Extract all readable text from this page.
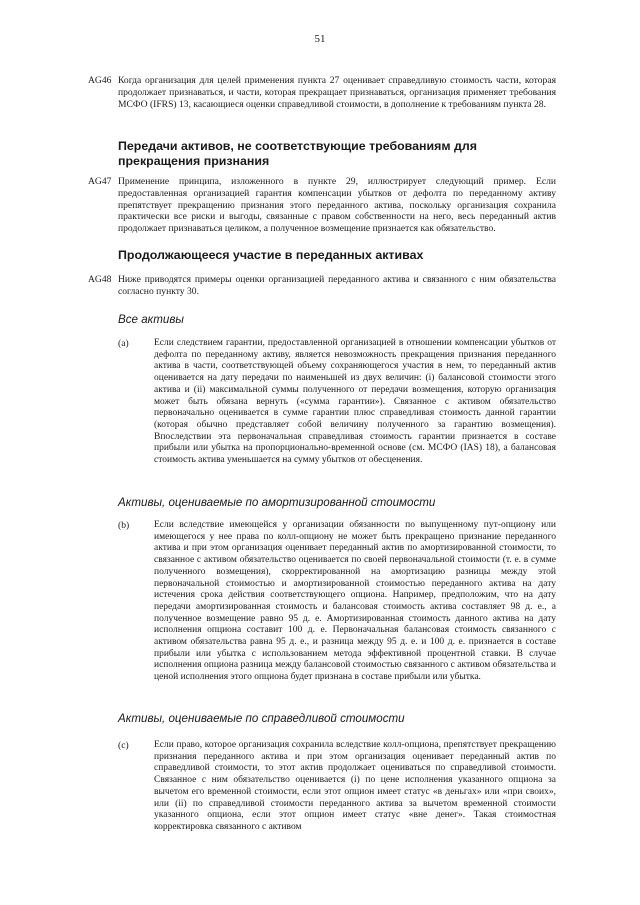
51
AG46 Когда организация для целей применения пункта 27 оценивает справедливую стоимость части, которая продолжает признаваться, и части, которая прекращает признаваться, организация применяет требования МСФО (IFRS) 13, касающиеся оценки справедливой стоимости, в дополнение к требованиям пункта 28.
Передачи активов, не соответствующие требованиям для прекращения признания
AG47 Применение принципа, изложенного в пункте 29, иллюстрирует следующий пример. Если предоставленная организацией гарантия компенсации убытков от дефолта по переданному активу препятствует прекращению признания этого переданного актива, поскольку организация сохранила практически все риски и выгоды, связанные с правом собственности на него, весь переданный актив продолжает признаваться целиком, а полученное возмещение признается как обязательство.
Продолжающееся участие в переданных активах
AG48 Ниже приводятся примеры оценки организацией переданного актива и связанного с ним обязательства согласно пункту 30.
Все активы
(a)	Если следствием гарантии, предоставленной организацией в отношении компенсации убытков от дефолта по переданному активу, является невозможность прекращения признания переданного актива в части, соответствующей объему сохраняющегося участия в нем, то переданный актив оценивается на дату передачи по наименьшей из двух величин: (i) балансовой стоимости этого актива и (ii) максимальной суммы полученного от передачи возмещения, которую организация может быть обязана вернуть («сумма гарантии»). Связанное с активом обязательство первоначально оценивается в сумме гарантии плюс справедливая стоимость данной гарантии (которая обычно представляет собой величину полученного за гарантию возмещения). Впоследствии эта первоначальная справедливая стоимость гарантии признается в составе прибыли или убытка на пропорционально-временной основе (см. МСФО (IAS) 18), а балансовая стоимость актива уменьшается на сумму убытков от обесценения.
Активы, оцениваемые по амортизированной стоимости
(b)	Если вследствие имеющейся у организации обязанности по выпущенному пут-опциону или имеющегося у нее права по колл-опциону не может быть прекращено признание переданного актива и при этом организация оценивает переданный актив по амортизированной стоимости, то связанное с активом обязательство оценивается по своей первоначальной стоимости (т. е. в сумме полученного возмещения), скорректированной на амортизацию разницы между этой первоначальной стоимостью и амортизированной стоимостью переданного актива на дату истечения срока действия соответствующего опциона. Например, предположим, что на дату передачи амортизированная стоимость и балансовая стоимость актива составляет 98 д. е., а полученное возмещение равно 95 д. е. Амортизированная стоимость данного актива на дату исполнения опциона составит 100 д. е. Первоначальная балансовая стоимость связанного с активом обязательства равна 95 д. е., и разница между 95 д. е. и 100 д. е. признается в составе прибыли или убытка с использованием метода эффективной процентной ставки. В случае исполнения опциона разница между балансовой стоимостью связанного с активом обязательства и ценой исполнения этого опциона будет признана в составе прибыли или убытка.
Активы, оцениваемые по справедливой стоимости
(c)	Если право, которое организация сохранила вследствие колл-опциона, препятствует прекращению признания переданного актива и при этом организация оценивает переданный актив по справедливой стоимости, то этот актив продолжает оцениваться по справедливой стоимости. Связанное с ним обязательство оценивается (i) по цене исполнения указанного опциона за вычетом его временной стоимости, если этот опцион имеет статус «в деньгах» или «при своих», или (ii) по справедливой стоимости переданного актива за вычетом временной стоимости указанного опциона, если этот опцион имеет статус «вне денег». Такая стоимостная корректировка связанного с активом
